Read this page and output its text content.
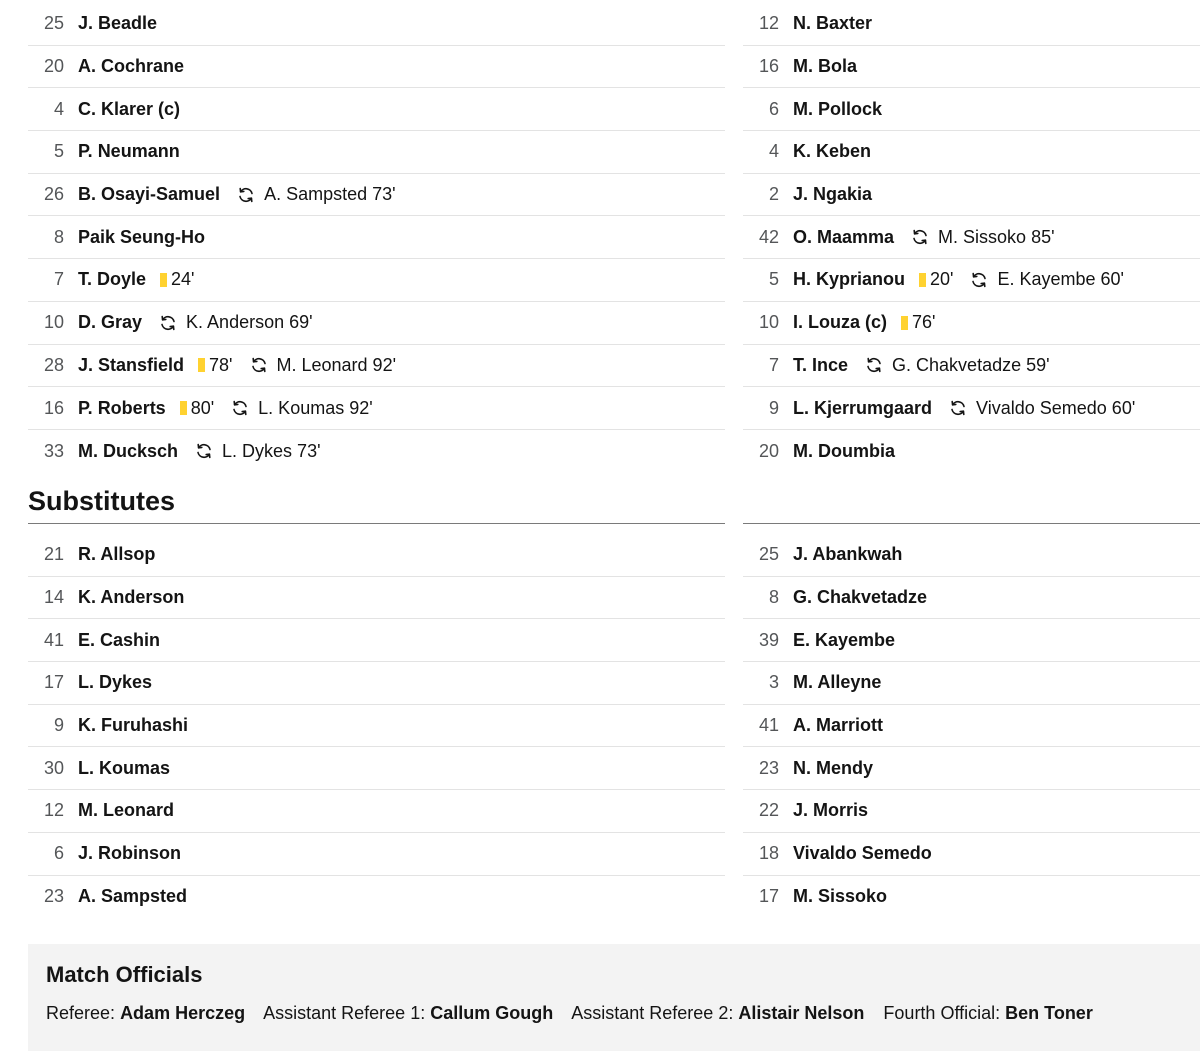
25 J. Beadle
20 A. Cochrane
4 C. Klarer (c)
5 P. Neumann
26 B. Osayi-Samuel A. Sampsted 73'
8 Paik Seung-Ho
7 T. Doyle 24'
10 D. Gray K. Anderson 69'
28 J. Stansfield 78' M. Leonard 92'
16 P. Roberts 80' L. Koumas 92'
33 M. Ducksch L. Dykes 73'
12 N. Baxter
16 M. Bola
6 M. Pollock
4 K. Keben
2 J. Ngakia
42 O. Maamma M. Sissoko 85'
5 H. Kyprianou 20' E. Kayembe 60'
10 I. Louza (c) 76'
7 T. Ince G. Chakvetadze 59'
9 L. Kjerrumgaard Vivaldo Semedo 60'
20 M. Doumbia
Substitutes
21 R. Allsop
14 K. Anderson
41 E. Cashin
17 L. Dykes
9 K. Furuhashi
30 L. Koumas
12 M. Leonard
6 J. Robinson
23 A. Sampsted
25 J. Abankwah
8 G. Chakvetadze
39 E. Kayembe
3 M. Alleyne
41 A. Marriott
23 N. Mendy
22 J. Morris
18 Vivaldo Semedo
17 M. Sissoko
Match Officials
Referee: Adam Herczeg Assistant Referee 1: Callum Gough Assistant Referee 2: Alistair Nelson Fourth Official: Ben Toner
